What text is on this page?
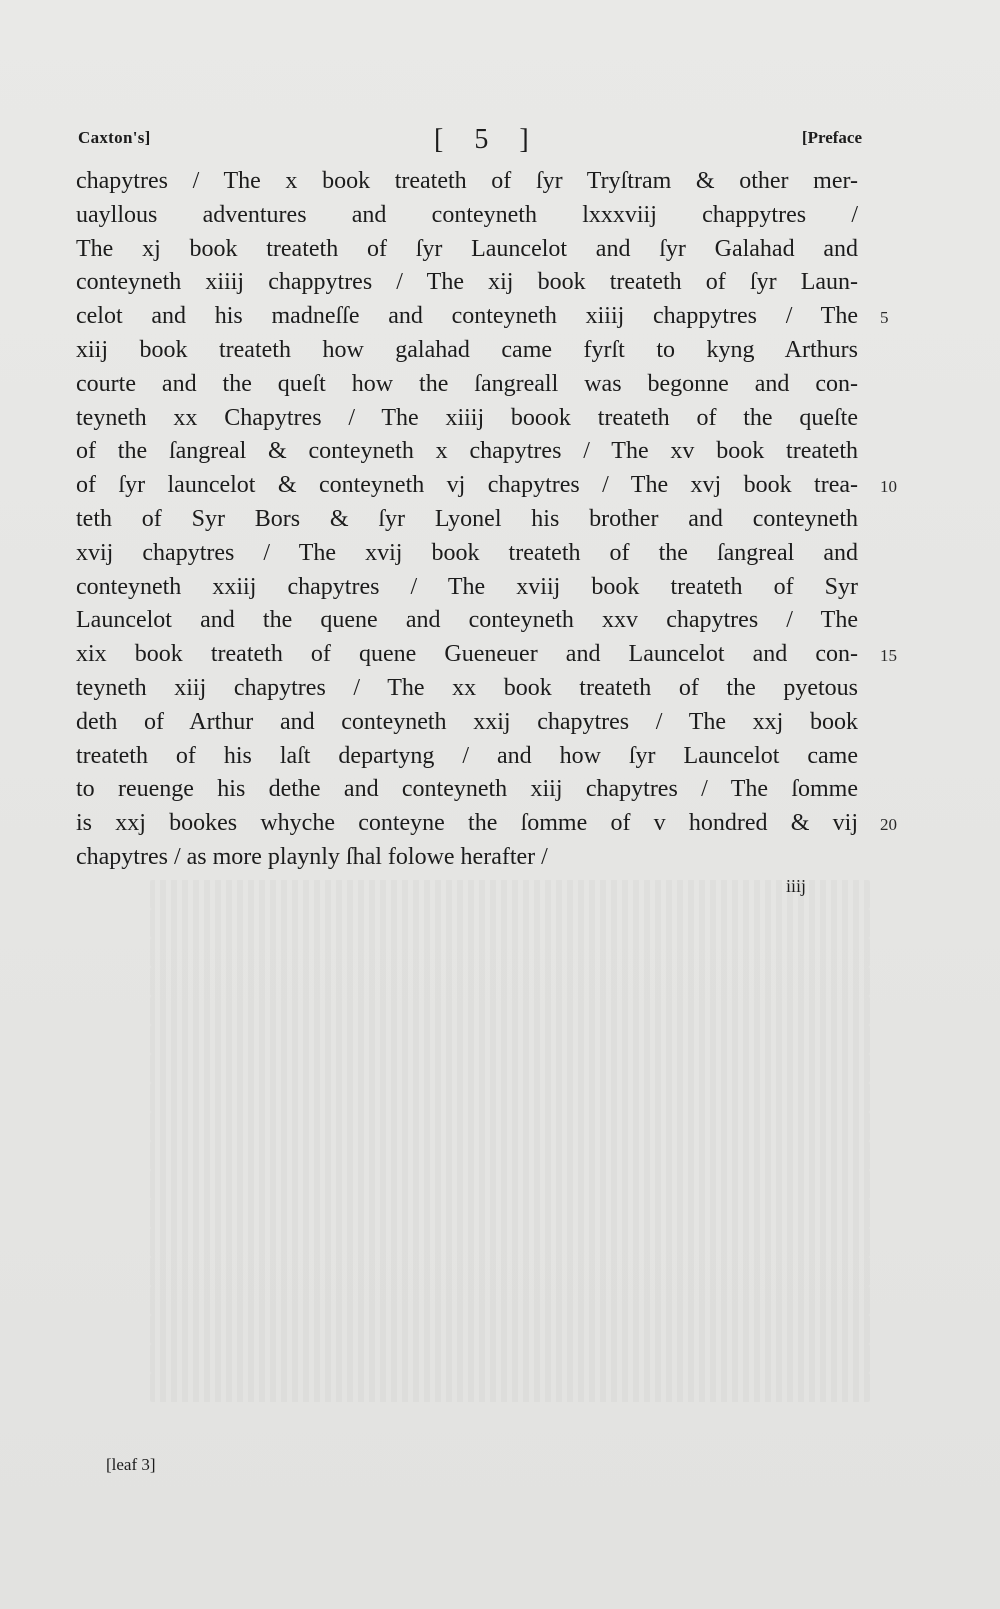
Caxton's]	[ 5 ]	[Preface
chapytres / The x book treateth of ſyr Tryſtram & other mer-
uayllous adventures and conteyneth lxxxviij chappytres /
The xj book treateth of ſyr Launcelot and ſyr Galahad and
conteyneth xiiij chappytres / The xij book treateth of ſyr Laun-
celot and his madneſſe and conteyneth xiiij chappytres / The
xiij book treateth how galahad came fyrſt to kyng Arthurs
courte and the queſt how the ſangreall was begonne and con-
teyneth xx Chapytres / The xiiij boook treateth of the queſte
of the ſangreal & conteyneth x chapytres / The xv book treateth
of ſyr launcelot & conteyneth vj chapytres / The xvj book trea-
teth of Syr Bors & ſyr Lyonel his brother and conteyneth
xvij chapytres / The xvij book treateth of the ſangreal and
conteyneth xxiij chapytres / The xviij book treateth of Syr
Launcelot and the quene and conteyneth xxv chapytres / The
xix book treateth of quene Gueneuer and Launcelot and con-
teyneth xiij chapytres / The xx book treateth of the pyetous
deth of Arthur and conteyneth xxij chapytres / The xxj book
treateth of his laſt departyng / and how ſyr Launcelot came
to reuenge his dethe and conteyneth xiij chapytres / The ſomme
is xxj bookes whyche conteyne the ſomme of v hondred & vij
chapytres / as more playnly ſhal folowe herafter /
5
10
15
20
iiij
[leaf 3]
